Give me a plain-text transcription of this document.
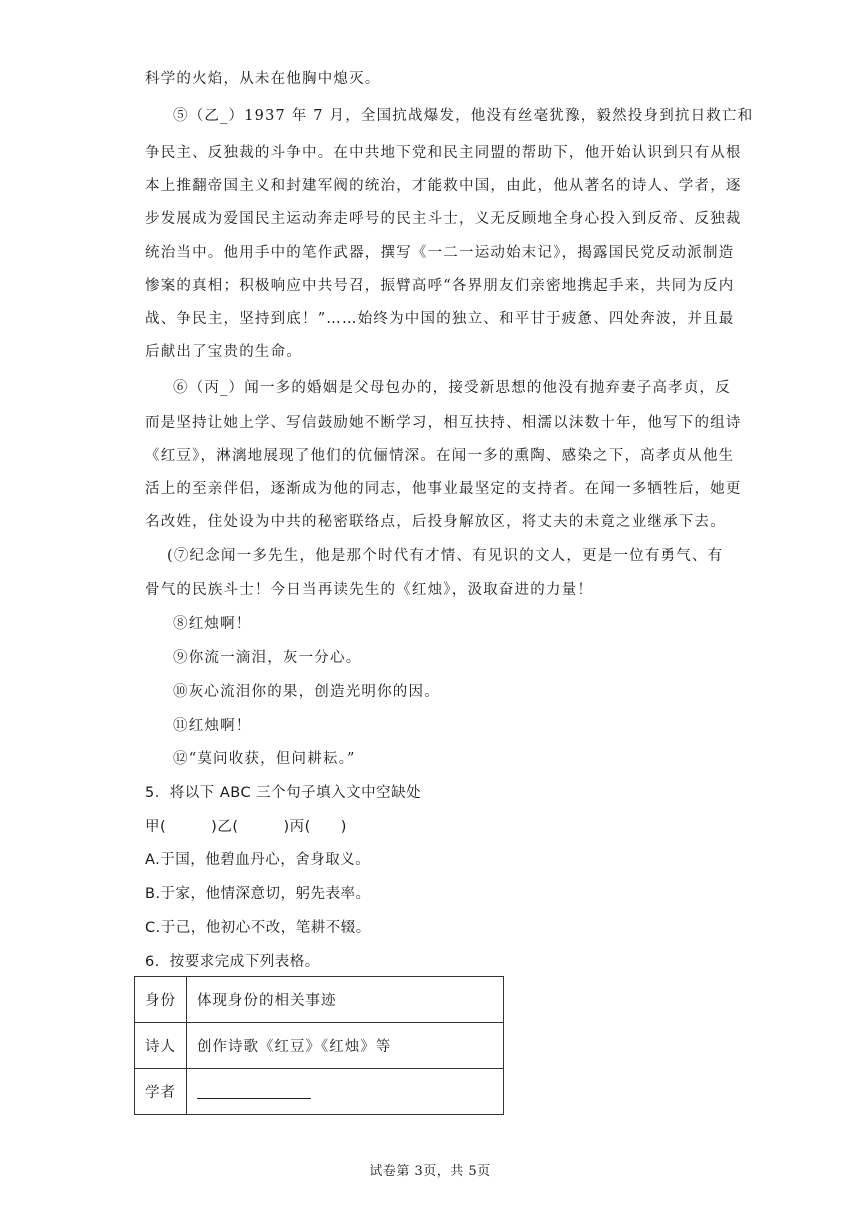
科学的火焰，从未在他胸中熄灭。
⑤（乙_）1937 年 7 月，全国抗战爆发，他没有丝毫犹豫，毅然投身到抗日救亡和
争民主、反独裁的斗争中。在中共地下党和民主同盟的帮助下，他开始认识到只有从根
本上推翻帝国主义和封建军阀的统治，才能救中国，由此，他从著名的诗人、学者，逐
步发展成为爱国民主运动奔走呼号的民主斗士，义无反顾地全身心投入到反帝、反独裁
统治当中。他用手中的笔作武器，撰写《一二一运动始末记》，揭露国民党反动派制造
惨案的真相；积极响应中共号召，振臂高呼“各界朋友们亲密地携起手来，共同为反内
战、争民主，坚持到底！”……始终为中国的独立、和平甘于疲惫、四处奔波，并且最
后献出了宝贵的生命。
⑥（丙_）闻一多的婚姻是父母包办的，接受新思想的他没有抛弃妻子高孝贞，反
而是坚持让她上学、写信鼓励她不断学习，相互扶持、相濡以沫数十年，他写下的组诗
《红豆》，淋漓地展现了他们的伉俪情深。在闻一多的熏陶、感染之下，高孝贞从他生
活上的至亲伴侣，逐渐成为他的同志，他事业最坚定的支持者。在闻一多牺牲后，她更
名改姓，住处设为中共的秘密联络点，后投身解放区，将丈夫的未竟之业继承下去。
(⑦纪念闻一多先生，他是那个时代有才情、有见识的文人，更是一位有勇气、有
骨气的民族斗士！今日当再读先生的《红烛》，汲取奋进的力量！
⑧红烛啊！
⑨你流一滴泪，灰一分心。
⑩灰心流泪你的果，创造光明你的因。
⑪红烛啊！
⑫“莫问收获，但问耕耘。”
5．将以下 ABC 三个句子填入文中空缺处
甲(　　　)乙(　　　)丙(　　)
A.于国，他碧血丹心，舍身取义。
B.于家，他情深意切，躬先表率。
C.于己，他初心不改，笔耕不辍。
6．按要求完成下列表格。
身份	体现身份的相关事迹
诗人	创作诗歌《红豆》《红烛》等
学者	
试卷第 3页，共 5页
